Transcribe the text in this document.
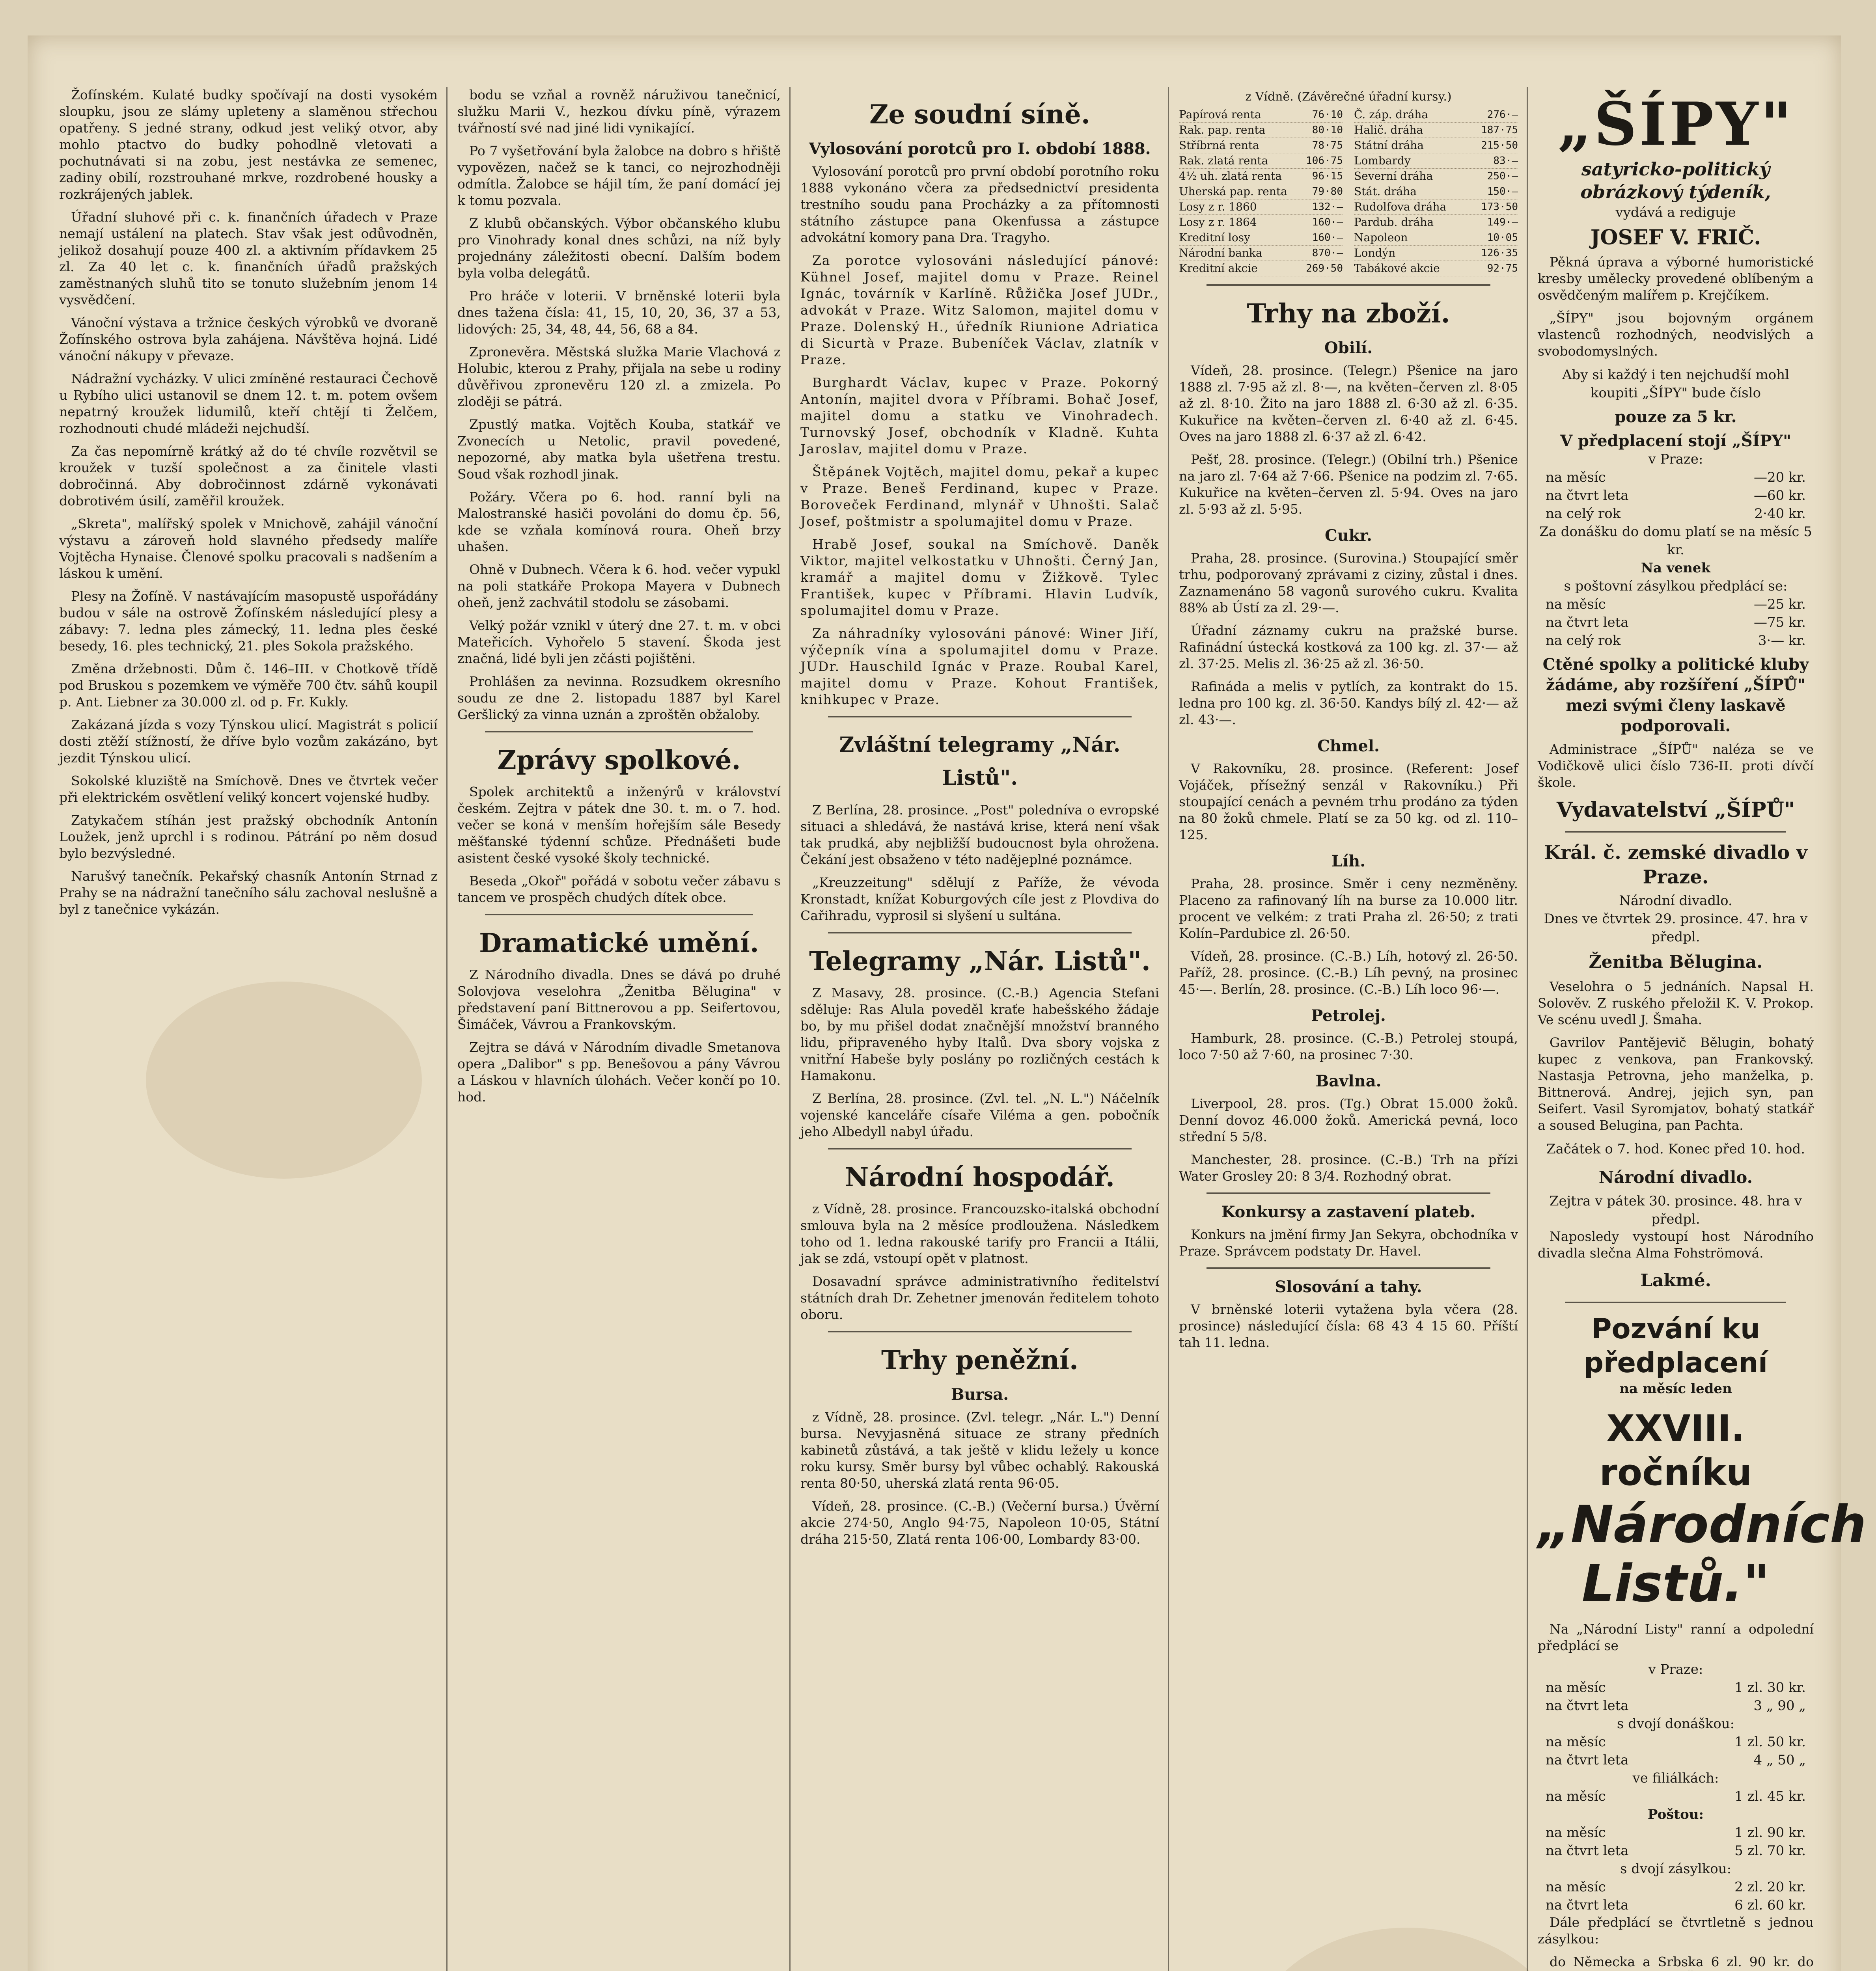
Žofínském. Kulaté budky spočívají na dosti vysokém sloupku, jsou ze slámy upleteny a slaměnou střechou opatřeny. S jedné strany, odkud jest veliký otvor, aby mohlo ptactvo do budky pohodlně vletovati a pochutnávati si na zobu, jest nestávka ze semenec, zadiny obilí, rozstrouhané mrkve, rozdrobené housky a rozkrájených jablek.

Úřadní sluhové při c. k. finančních úřadech v Praze nemají ustálení na platech. Stav však jest odůvodněn, jelikož dosahují pouze 400 zl. a aktivním přídavkem 25 zl. Za 40 let c. k. finančních úřadů pražských zaměstnaných sluhů tito se tonuto služebním jenom 14 vysvědčení.

Vánoční výstava a tržnice českých výrobků ve dvoraně Žofínského ostrova byla zahájena. Návštěva hojná. Lidé vánoční nákupy v převaze.

Nádražní vycházky. V ulici zmíněné restauraci Čechově u Rybího ulici ustanovil se dnem 12. t. m. potem ovšem nepatrný kroužek lidumilů, kteří chtějí ti Želčem, rozhodnouti chudé mládeži nejchudší.

Za čas nepomírně krátký až do té chvíle rozvětvil se kroužek v tuzší společnost a za činitele vlasti dobročinná. Aby dobročinnost zdárně vykonávati dobrotivém úsilí, zaměřil kroužek.

„Skreta", malířský spolek v Mnichově, zahájil vánoční výstavu a zároveň hold slavného předsedy malíře Vojtěcha Hynaise. Členové spolku pracovali s nadšením a láskou k umění.

Plesy na Žofíně. V nastávajícím masopustě uspořádány budou v sále na ostrově Žofínském následující plesy a zábavy: 7. ledna ples zámecký, 11. ledna ples české besedy, 16. ples technický, 21. ples Sokola pražského.

Změna držebnosti. Dům č. 146–III. v Chotkově třídě pod Bruskou s pozemkem ve výměře 700 čtv. sáhů koupil p. Ant. Liebner za 30.000 zl. od p. Fr. Kukly.

Zakázaná jízda s vozy Týnskou ulicí. Magistrát s policií dosti ztěží stížností, že dříve bylo vozům zakázáno, byt jezdit Týnskou ulicí.

Sokolské kluziště na Smíchově. Dnes ve čtvrtek večer při elektrickém osvětlení veliký koncert vojenské hudby.

Zatykačem stíhán jest pražský obchodník Antonín Loužek, jenž uprchl i s rodinou. Pátrání po něm dosud bylo bezvýsledné.

Narušvý tanečník. Pekařský chasník Antonín Strnad z Prahy se na nádražní tanečního sálu zachoval neslušně a byl z tanečnice vykázán.

bodu se vzňal a rovněž náruživou tanečnicí, služku Marii V., hezkou dívku píně, výrazem tvářností své nad jiné lidi vynikající.

Po 7 vyšetřování byla žalobce na dobro s hřiště vypovězen, načež se k tanci, co nejrozhodněji odmítla. Žalobce se hájil tím, že paní domácí jej k tomu pozvala.

Z klubů občanských. Výbor občanského klubu pro Vinohrady konal dnes schůzi, na níž byly projednány záležitosti obecní. Dalším bodem byla volba delegátů.

Pro hráče v loterii. V brněnské loterii byla dnes tažena čísla: 41, 15, 10, 20, 36, 37 a 53, lidových: 25, 34, 48, 44, 56, 68 a 84.

Zpronevěra. Městská služka Marie Vlachová z Holubic, kterou z Prahy, přijala na sebe u rodiny důvěřivou zpronevěru 120 zl. a zmizela. Po zloději se pátrá.

Zpustlý matka. Vojtěch Kouba, statkář ve Zvonecích u Netolic, pravil povedené, nepozorné, aby matka byla ušetřena trestu. Soud však rozhodl jinak.

Požáry. Včera po 6. hod. ranní byli na Malostranské hasiči povoláni do domu čp. 56, kde se vzňala komínová roura. Oheň brzy uhašen.

Ohně v Dubnech. Včera k 6. hod. večer vypukl na poli statkáře Prokopa Mayera v Dubnech oheň, jenž zachvátil stodolu se zásobami.

Velký požár vznikl v úterý dne 27. t. m. v obci Mateřicích. Vyhořelo 5 stavení. Škoda jest značná, lidé byli jen zčásti pojištěni.

Prohlášen za nevinna. Rozsudkem okresního soudu ze dne 2. listopadu 1887 byl Karel Geršlický za vinna uznán a zproštěn obžaloby.

Zprávy spolkové.

Spolek architektů a inženýrů v království českém. Zejtra v pátek dne 30. t. m. o 7. hod. večer se koná v menším hořejším sále Besedy měšťanské týdenní schůze. Přednášeti bude asistent české vysoké školy technické.

Beseda „Okoř" pořádá v sobotu večer zábavu s tancem ve prospěch chudých dítek obce.

Dramatické umění.

Z Národního divadla. Dnes se dává po druhé Solovjova veselohra „Ženitba Bělugina" v představení paní Bittnerovou a pp. Seifertovou, Šimáček, Vávrou a Frankovským.

Zejtra se dává v Národním divadle Smetanova opera „Dalibor" s pp. Benešovou a pány Vávrou a Láskou v hlavních úlohách. Večer končí po 10. hod.

Ze soudní síně.
Vylosování porotců pro I. období 1888.

Vylosování porotců pro první období porotního roku 1888 vykonáno včera za předsednictví presidenta trestního soudu pana Procházky a za přítomnosti státního zástupce pana Okenfussa a zástupce advokátní komory pana Dra. Tragyho.

Za porotce vylosováni následující pánové: Kühnel Josef, majitel domu v Praze. Reinel Ignác, továrník v Karlíně. Růžička Josef JUDr., advokát v Praze. Witz Salomon, majitel domu v Praze. Dolenský H., úředník Riunione Adriatica di Sicurtà v Praze. Bubeníček Václav, zlatník v Praze.

Burghardt Václav, kupec v Praze. Pokorný Antonín, majitel dvora v Příbrami. Bohač Josef, majitel domu a statku ve Vinohradech. Turnovský Josef, obchodník v Kladně. Kuhta Jaroslav, majitel domu v Praze.

Štěpánek Vojtěch, majitel domu, pekař a kupec v Praze. Beneš Ferdinand, kupec v Praze. Boroveček Ferdinand, mlynář v Uhnošti. Salač Josef, poštmistr a spolumajitel domu v Praze.

Hrabě Josef, soukal na Smíchově. Daněk Viktor, majitel velkostatku v Uhnošti. Černý Jan, kramář a majitel domu v Žižkově. Tylec František, kupec v Příbrami. Hlavin Ludvík, spolumajitel domu v Praze.

Za náhradníky vylosováni pánové: Winer Jiří, výčepník vína a spolumajitel domu v Praze. JUDr. Hauschild Ignác v Praze. Roubal Karel, majitel domu v Praze. Kohout František, knihkupec v Praze.

Zvláštní telegramy „Nár. Listů".

Z Berlína, 28. prosince. „Post" poledníva o evropské situaci a shledává, že nastává krise, která není však tak prudká, aby nejbližší budoucnost byla ohrožena. Čekání jest obsaženo v této nadějeplné poznámce.

„Kreuzzeitung" sdělují z Paříže, že vévoda Kronstadt, knížat Koburgových cíle jest z Plovdiva do Cařihradu, vyprosil si slyšení u sultána.

Telegramy „Nár. Listů".

Z Masavy, 28. prosince. (C.-B.) Agencia Stefani sděluje: Ras Alula poveděl kraťe habešského žádaje bo, by mu přišel dodat značnější množství branného lidu, připraveného hyby Italů. Dva sbory vojska z vnitřní Habeše byly poslány po rozličných cestách k Hamakonu.

Z Berlína, 28. prosince. (Zvl. tel. „N. L.") Náčelník vojenské kanceláře císaře Viléma a gen. pobočník jeho Albedyll nabyl úřadu.

Národní hospodář.

z Vídně, 28. prosince. Francouzsko-italská obchodní smlouva byla na 2 měsíce prodloužena. Následkem toho od 1. ledna rakouské tarify pro Francii a Itálii, jak se zdá, vstoupí opět v platnost.

Dosavadní správce administrativního ředitelství státních drah Dr. Zehetner jmenován ředitelem tohoto oboru.

Trhy peněžní.
Bursa.

z Vídně, 28. prosince. (Zvl. telegr. „Nár. L.") Denní bursa. Nevyjasněná situace ze strany předních kabinetů zůstává, a tak ještě v klidu ležely u konce roku kursy. Směr bursy byl vůbec ochablý. Rakouská renta 80·50, uherská zlatá renta 96·05.

Vídeň, 28. prosince. (C.-B.) (Večerní bursa.) Úvěrní akcie 274·50, Anglo 94·75, Napoleon 10·05, Státní dráha 215·50, Zlatá renta 106·00, Lombardy 83·00.

z Vídně. (Závěrečné úřadní kursy.)
Papírová renta	76·10 Č. záp. dráha	276·—
Rak. pap. renta	80·10 Halič. dráha	187·75
Stříbrná renta	78·75 Státní dráha	215·50
Rak. zlatá renta	106·75 Lombardy	83·—
4½ uh. zlatá renta	96·15 Severní dráha	250·—
Uherská pap. renta 79·80 Stát. dráha	150·—
Losy z r. 1860	132·— Rudolfova dráha	173·50
Losy z r. 1864	160·— Pardub. dráha	149·—
Kreditní losy	160·— Napoleon	10·05
Národní banka	870·— Londýn	126·35
Kreditní akcie	269·50 Tabákové akcie	92·75
Trhy na zboží.
Obilí.

Vídeň, 28. prosince. (Telegr.) Pšenice na jaro 1888 zl. 7·95 až zl. 8·—, na květen–červen zl. 8·05 až zl. 8·10. Žito na jaro 1888 zl. 6·30 až zl. 6·35. Kukuřice na květen–červen zl. 6·40 až zl. 6·45. Oves na jaro 1888 zl. 6·37 až zl. 6·42.

Pešť, 28. prosince. (Telegr.) (Obilní trh.) Pšenice na jaro zl. 7·64 až 7·66. Pšenice na podzim zl. 7·65. Kukuřice na květen–červen zl. 5·94. Oves na jaro zl. 5·93 až zl. 5·95.

Cukr.

Praha, 28. prosince. (Surovina.) Stoupající směr trhu, podporovaný zprávami z ciziny, zůstal i dnes. Zaznamenáno 58 vagonů surového cukru. Kvalita 88% ab Ústí za zl. 29·—.

Úřadní záznamy cukru na pražské burse. Rafinádní ústecká kostková za 100 kg. zl. 37·— až zl. 37·25. Melis zl. 36·25 až zl. 36·50.

Rafináda a melis v pytlích, za kontrakt do 15. ledna pro 100 kg. zl. 36·50. Kandys bílý zl. 42·— až zl. 43·—.

Chmel.

V Rakovníku, 28. prosince. (Referent: Josef Vojáček, přísežný senzál v Rakovníku.) Při stoupající cenách a pevném trhu prodáno za týden na 80 žoků chmele. Platí se za 50 kg. od zl. 110–125.

Líh.

Praha, 28. prosince. Směr i ceny nezměněny. Placeno za rafinovaný líh na burse za 10.000 litr. procent ve velkém: z trati Praha zl. 26·50; z trati Kolín–Pardubice zl. 26·50.

Vídeň, 28. prosince. (C.-B.) Líh, hotový zl. 26·50. Paříž, 28. prosince. (C.-B.) Líh pevný, na prosinec 45·—. Berlín, 28. prosince. (C.-B.) Líh loco 96·—.

Petrolej.

Hamburk, 28. prosince. (C.-B.) Petrolej stoupá, loco 7·50 až 7·60, na prosinec 7·30.

Bavlna.

Liverpool, 28. pros. (Tg.) Obrat 15.000 žoků. Denní dovoz 46.000 žoků. Americká pevná, loco střední 5 5/8.

Manchester, 28. prosince. (C.-B.) Trh na přízi Water Grosley 20: 8 3/4. Rozhodný obrat.

Konkursy a zastavení plateb.

Konkurs na jmění firmy Jan Sekyra, obchodníka v Praze. Správcem podstaty Dr. Havel.

Slosování a tahy.

V brněnské loterii vytažena byla včera (28. prosince) následující čísla: 68 43 4 15 60. Příští tah 11. ledna.

„ŠÍPY"
satyricko-politický obrázkový týdeník,
vydává a rediguje
JOSEF V. FRIČ.

Pěkná úprava a výborné humoristické kresby umělecky provedené oblíbeným a osvědčeným malířem p. Krejčíkem.

„ŠÍPY" jsou bojovným orgánem vlastenců rozhodných, neodvislých a svobodomyslných.

Aby si každý i ten nejchudší mohl koupiti „ŠÍPY" bude číslo
pouze za 5 kr.
V předplacení stojí „ŠÍPY"
v Praze:
na měsíc	—20 kr.
na čtvrt leta	—60 kr.
na celý rok	2·40 kr.
Za donášku do domu platí se na měsíc 5 kr.
Na venek
s poštovní zásylkou předplácí se:
na měsíc	—25 kr.
na čtvrt leta	—75 kr.
na celý rok	3·— kr.
Ctěné spolky a politické kluby žádáme, aby rozšíření „ŠÍPŮ" mezi svými členy laskavě podporovali.

Administrace „ŠÍPŮ" naléza se ve Vodičkově ulici číslo 736-II. proti dívčí škole.

Vydavatelství „ŠÍPŮ"
Král. č. zemské divadlo v Praze.
Národní divadlo.
Dnes ve čtvrtek 29. prosince. 47. hra v předpl.
Ženitba Bělugina.

Veselohra o 5 jednáních. Napsal H. Solověv. Z ruského přeložil K. V. Prokop. Ve scénu uvedl J. Šmaha.

Gavrilov Pantějevič Bělugin, bohatý kupec z venkova, pan Frankovský. Nastasja Petrovna, jeho manželka, p. Bittnerová. Andrej, jejich syn, pan Seifert. Vasil Syromjatov, bohatý statkář a soused Belugina, pan Pachta.

Začátek o 7. hod. Konec před 10. hod.
Národní divadlo.
Zejtra v pátek 30. prosince. 48. hra v předpl.

Naposledy vystoupí host Národního divadla slečna Alma Fohströmová.

Lakmé.
Pozvání ku předplacení
na měsíc leden
XXVIII. ročníku
„Národních Listů."

Na „Národní Listy" ranní a odpolední předplácí se

v Praze:
na měsíc	1 zl. 30 kr.
na čtvrt leta	3 „ 90 „
s dvojí donáškou:
na měsíc	1 zl. 50 kr.
na čtvrt leta	4 „ 50 „
ve filiálkách:
na měsíc	1 zl. 45 kr.
Poštou:
na měsíc	1 zl. 90 kr.
na čtvrt leta	5 zl. 70 kr.
s dvojí zásylkou:
na měsíc	2 zl. 20 kr.
na čtvrt leta	6 zl. 60 kr.

Dále předplácí se čtvrtletně s jednou zásylkou:

do Německa a Srbska 6 zl. 90 kr. do
